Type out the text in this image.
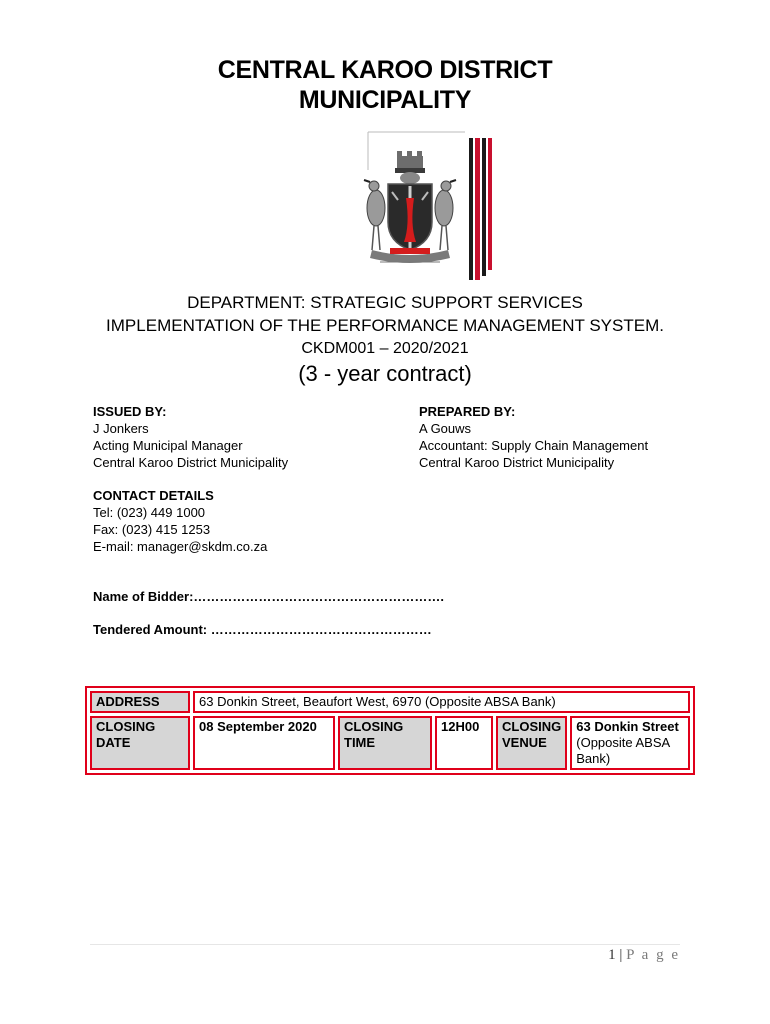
CENTRAL KAROO DISTRICT
MUNICIPALITY
DEPARTMENT: STRATEGIC SUPPORT SERVICES
IMPLEMENTATION OF THE PERFORMANCE MANAGEMENT SYSTEM.
CKDM001 – 2020/2021
(3 - year contract)
ISSUED BY:
J Jonkers
Acting Municipal Manager
Central Karoo District Municipality
PREPARED BY:
A Gouws
Accountant: Supply Chain Management
Central Karoo District Municipality
CONTACT DETAILS
Tel: (023) 449 1000
Fax: (023) 415 1253
E-mail: manager@skdm.co.za
Name of Bidder:………………………………………………….
Tendered Amount: ……………………………………………
ADDRESS	63 Donkin Street, Beaufort West, 6970 (Opposite ABSA Bank)				
CLOSING DATE	08 September 2020	CLOSING TIME	12H00	CLOSING VENUE	63 Donkin Street
(Opposite ABSA Bank)
1 | P a g e
